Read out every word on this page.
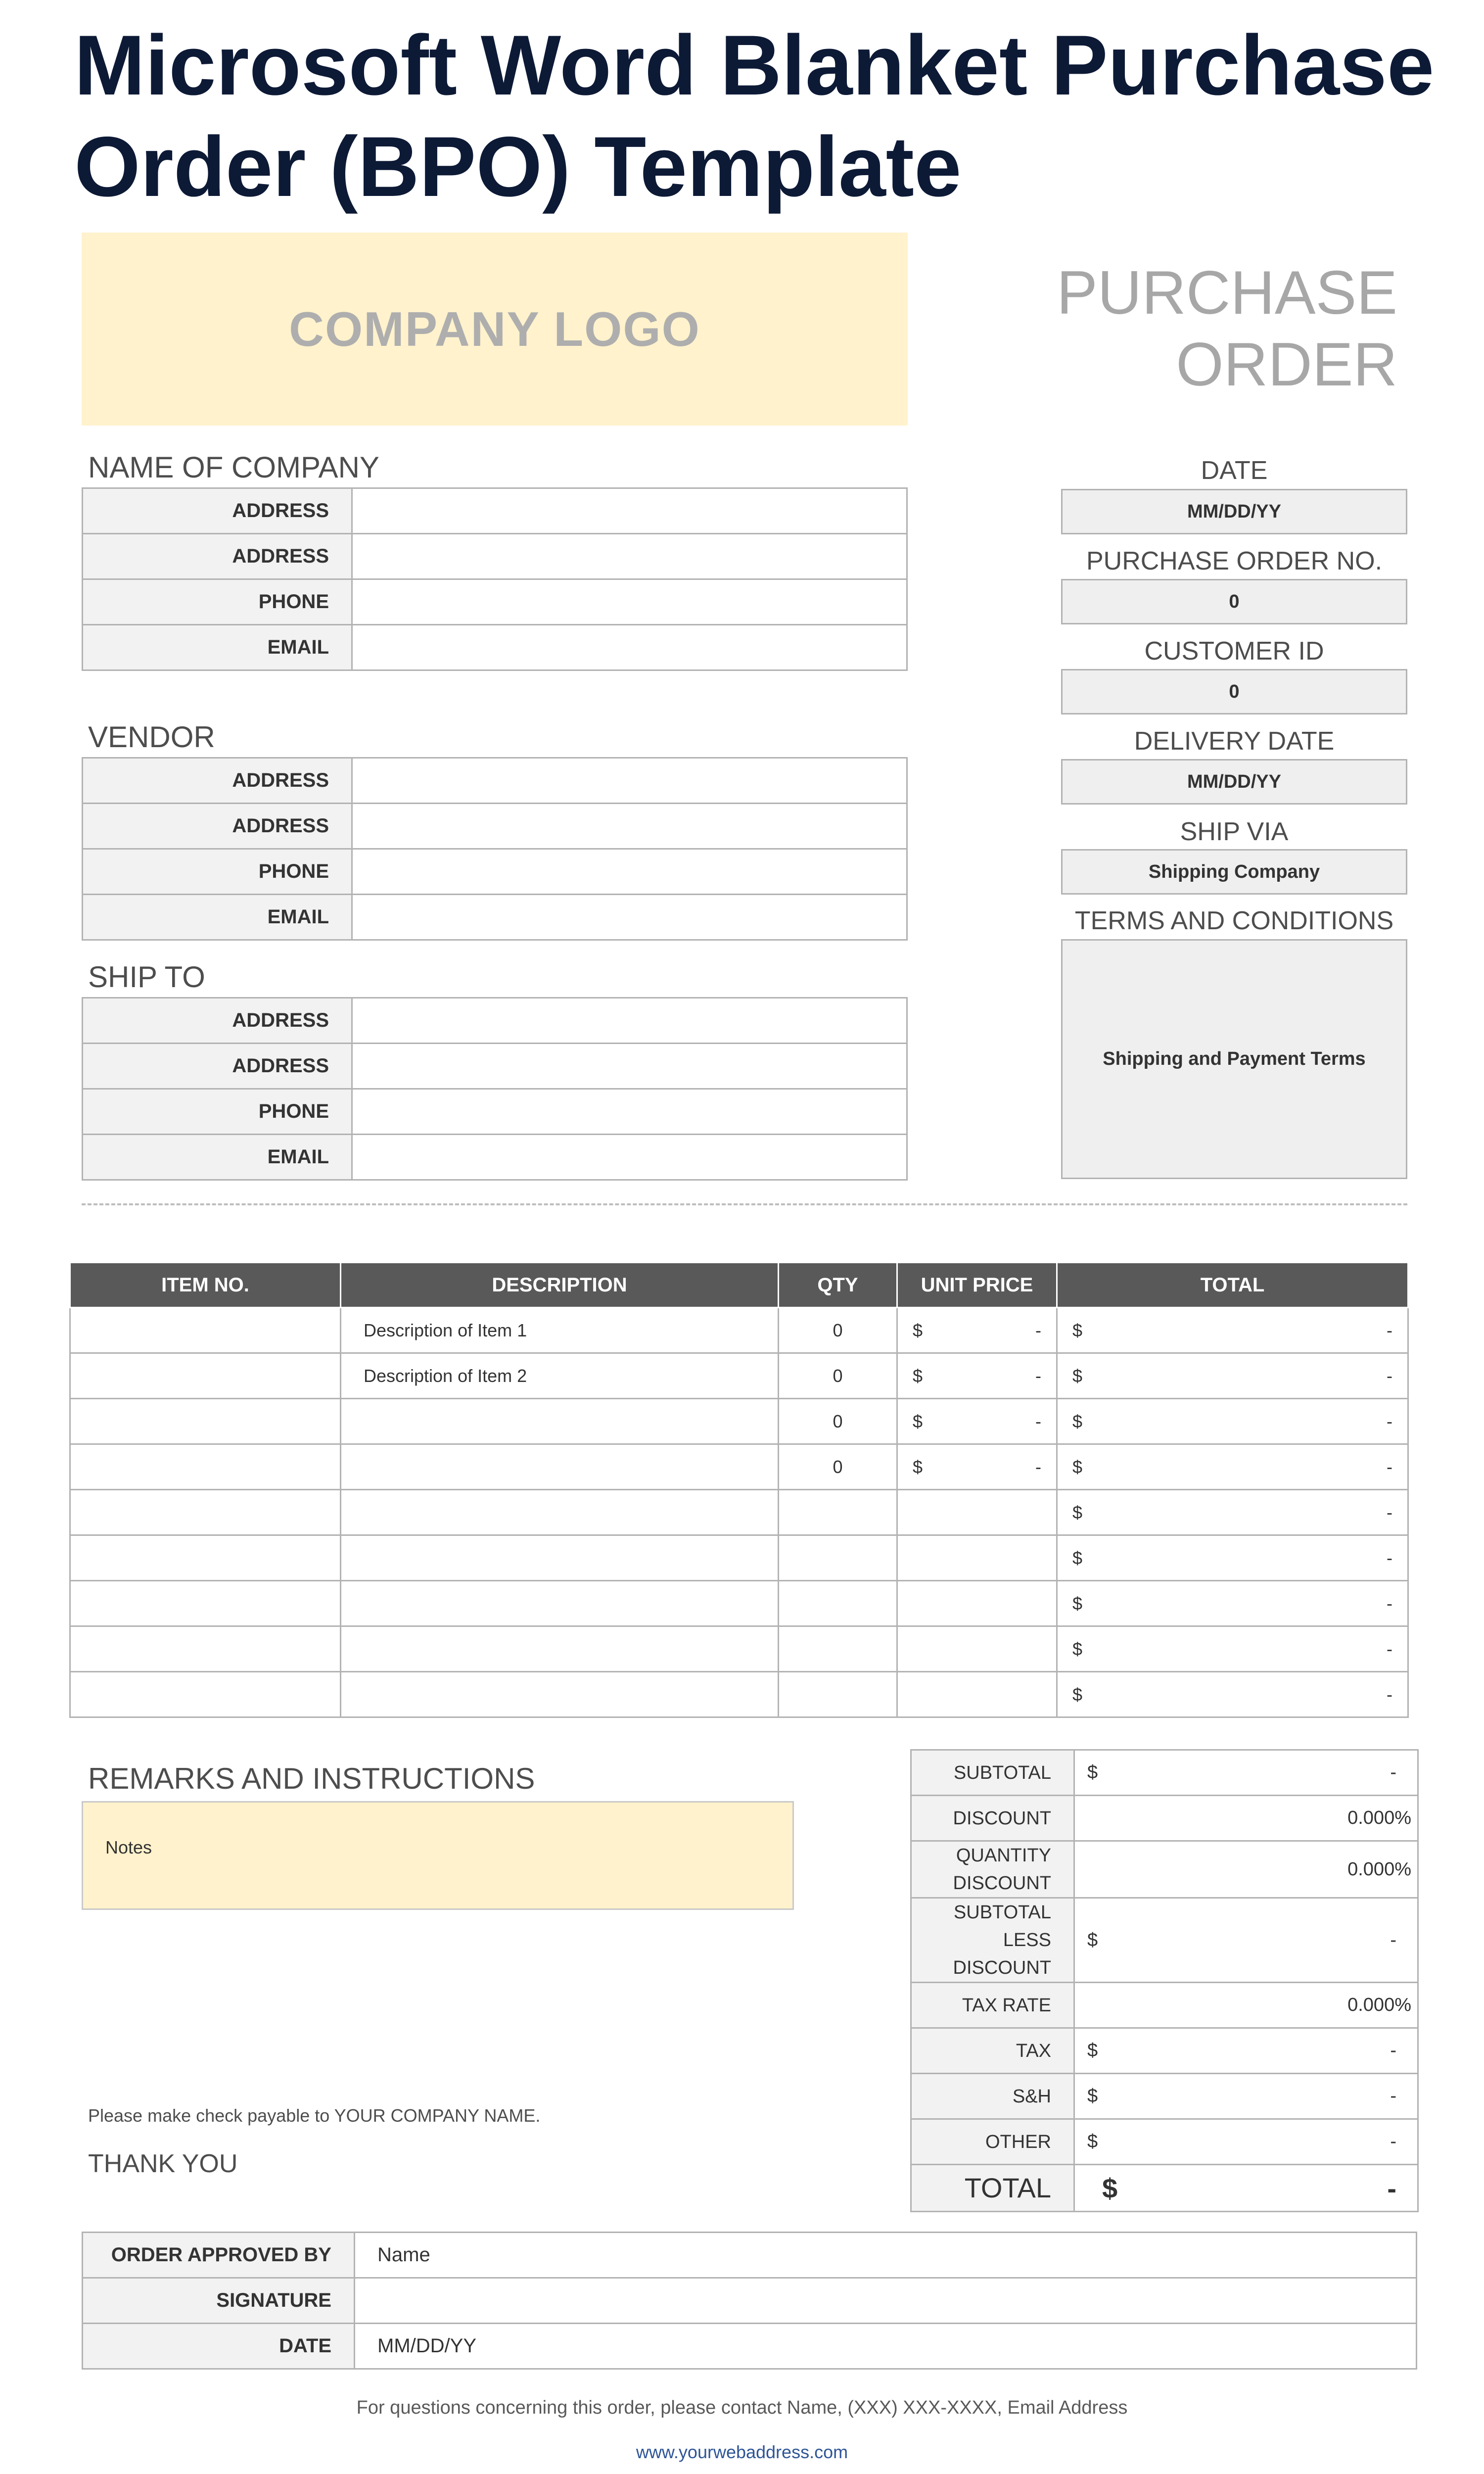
Microsoft Word Blanket Purchase Order (BPO) Template
COMPANY LOGO
PURCHASE
ORDER
NAME OF COMPANY
ADDRESS	
ADDRESS	
PHONE	
EMAIL	
VENDOR
ADDRESS	
ADDRESS	
PHONE	
EMAIL	
SHIP TO
ADDRESS	
ADDRESS	
PHONE	
EMAIL	
DATE
MM/DD/YY
PURCHASE ORDER NO.
0
CUSTOMER ID
0
DELIVERY DATE
MM/DD/YY
SHIP VIA
Shipping Company
TERMS AND CONDITIONS
Shipping and Payment Terms
ITEM NO.	DESCRIPTION	QTY	UNIT PRICE	TOTAL
	Description of Item 1	0	$ -	$ -

	Description of Item 2	0	$ -	$ -

		0	$ -	$ -

		0	$ -	$ -

				$ -

				$ -

				$ -

				$ -

				$ -
REMARKS AND INSTRUCTIONS
Notes
SUBTOTAL	$ -

DISCOUNT	0.000%

QUANTITY DISCOUNT	0.000%

SUBTOTAL LESS DISCOUNT	$ -

TAX RATE	0.000%

TAX	$ -

S&H	$ -

OTHER	$ -

TOTAL	$ -
Please make check payable to YOUR COMPANY NAME.
THANK YOU
ORDER APPROVED BY	Name
SIGNATURE	
DATE	MM/DD/YY
For questions concerning this order, please contact Name, (XXX) XXX-XXXX, Email Address
www.yourwebaddress.com
